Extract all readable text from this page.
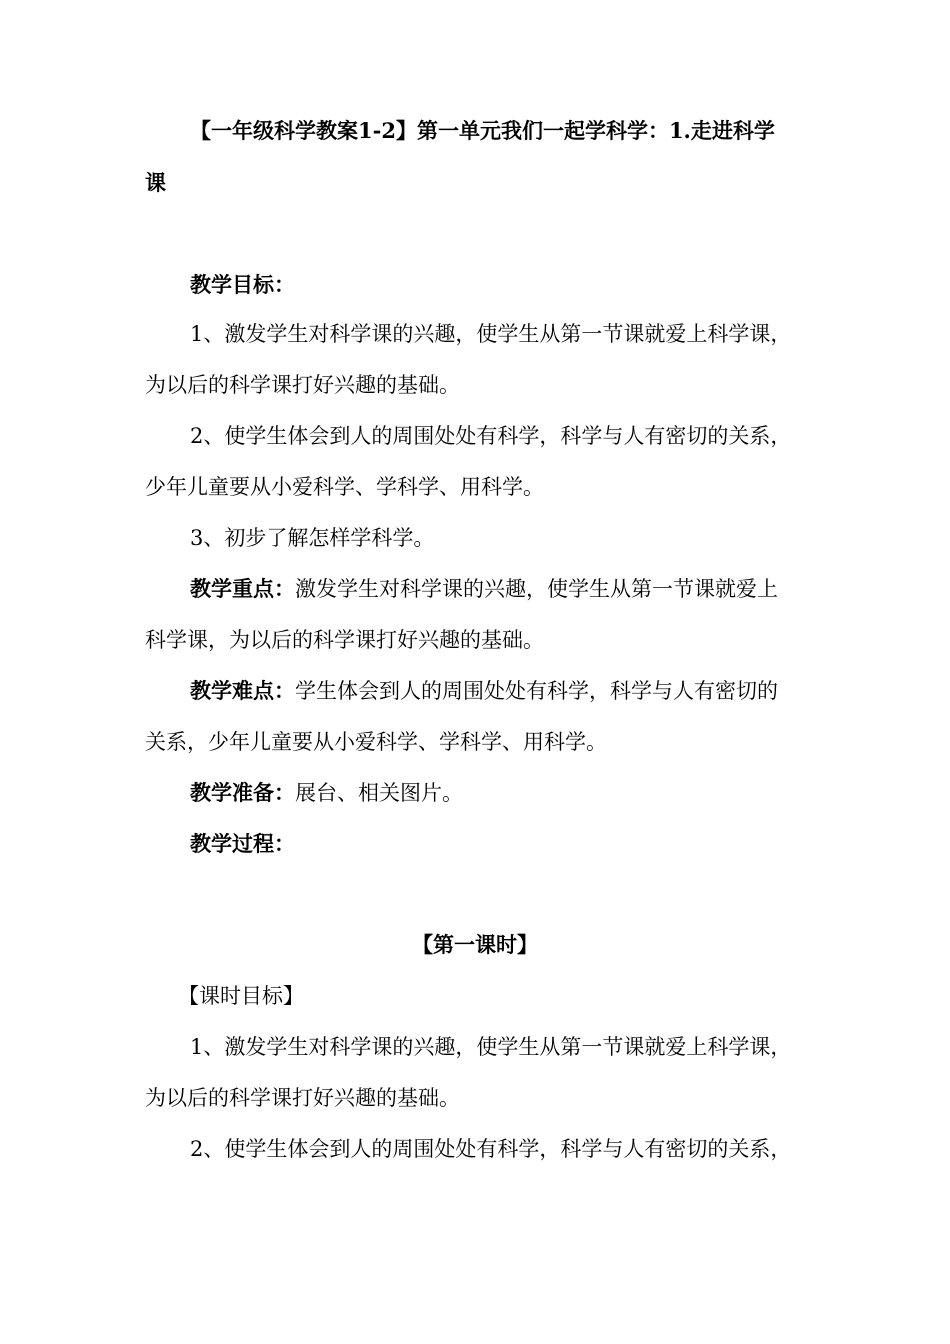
【一年级科学教案1-2】第一单元我们一起学科学：1.走进科学
课
教学目标：
1、激发学生对科学课的兴趣，使学生从第一节课就爱上科学课，
为以后的科学课打好兴趣的基础。
2、使学生体会到人的周围处处有科学，科学与人有密切的关系，
少年儿童要从小爱科学、学科学、用科学。
3、初步了解怎样学科学。
教学重点：激发学生对科学课的兴趣，使学生从第一节课就爱上
科学课，为以后的科学课打好兴趣的基础。
教学难点：学生体会到人的周围处处有科学，科学与人有密切的
关系，少年儿童要从小爱科学、学科学、用科学。
教学准备：展台、相关图片。
教学过程：
【第一课时】
【课时目标】
1、激发学生对科学课的兴趣，使学生从第一节课就爱上科学课，
为以后的科学课打好兴趣的基础。
2、使学生体会到人的周围处处有科学，科学与人有密切的关系，
